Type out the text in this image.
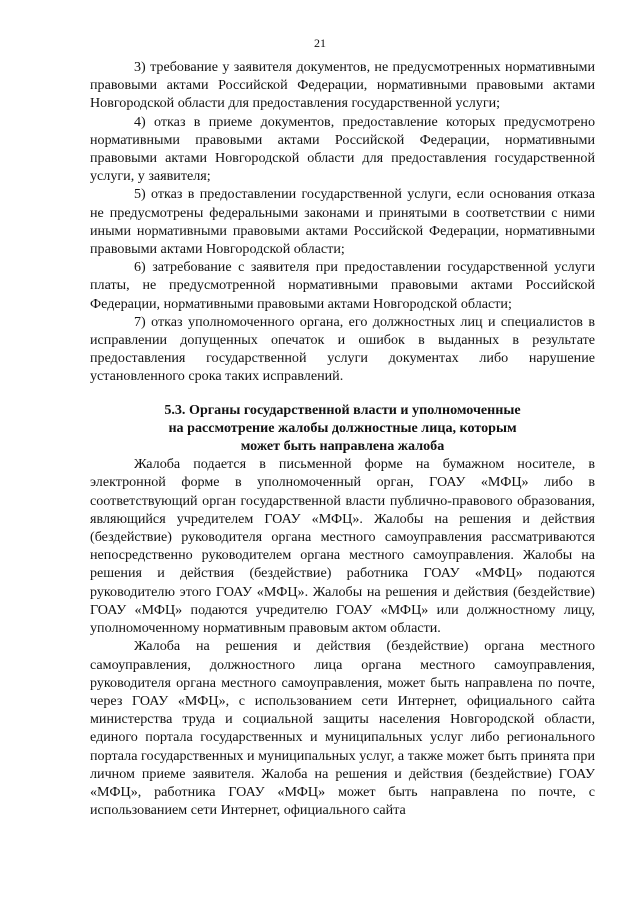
21

3) требование у заявителя документов, не предусмотренных нормативными правовыми актами Российской Федерации, нормативными правовыми актами Новгородской области для предоставления государственной услуги;

4) отказ в приеме документов, предоставление которых предусмотрено нормативными правовыми актами Российской Федерации, нормативными правовыми актами Новгородской области для предоставления государственной услуги, у заявителя;

5) отказ в предоставлении государственной услуги, если основания отказа не предусмотрены федеральными законами и принятыми в соответствии с ними иными нормативными правовыми актами Российской Федерации, нормативными правовыми актами Новгородской области;

6) затребование с заявителя при предоставлении государственной услуги платы, не предусмотренной нормативными правовыми актами Российской Федерации, нормативными правовыми актами Новгородской области;

7) отказ уполномоченного органа, его должностных лиц и специалистов в исправлении допущенных опечаток и ошибок в выданных в результате предоставления государственной услуги документах либо нарушение установленного срока таких исправлений.

5.3. Органы государственной власти и уполномоченные
на рассмотрение жалобы должностные лица, которым
может быть направлена жалоба

Жалоба подается в письменной форме на бумажном носителе, в электронной форме в уполномоченный орган, ГОАУ «МФЦ» либо в соответствующий орган государственной власти публично-правового образования, являющийся учредителем ГОАУ «МФЦ». Жалобы на решения и действия (бездействие) руководителя органа местного самоуправления рассматриваются непосредственно руководителем органа местного самоуправления. Жалобы на решения и действия (бездействие) работника ГОАУ «МФЦ» подаются руководителю этого ГОАУ «МФЦ». Жалобы на решения и действия (бездействие) ГОАУ «МФЦ» подаются учредителю ГОАУ «МФЦ» или должностному лицу, уполномоченному нормативным правовым актом области.

Жалоба на решения и действия (бездействие) органа местного самоуправления, должностного лица органа местного самоуправления, руководителя органа местного самоуправления, может быть направлена по почте, через ГОАУ «МФЦ», с использованием сети Интернет, официального сайта министерства труда и социальной защиты населения Новгородской области, единого портала государственных и муниципальных услуг либо регионального портала государственных и муниципальных услуг, а также может быть принята при личном приеме заявителя. Жалоба на решения и действия (бездействие) ГОАУ «МФЦ», работника ГОАУ «МФЦ» может быть направлена по почте, с использованием сети Интернет, официального сайта
